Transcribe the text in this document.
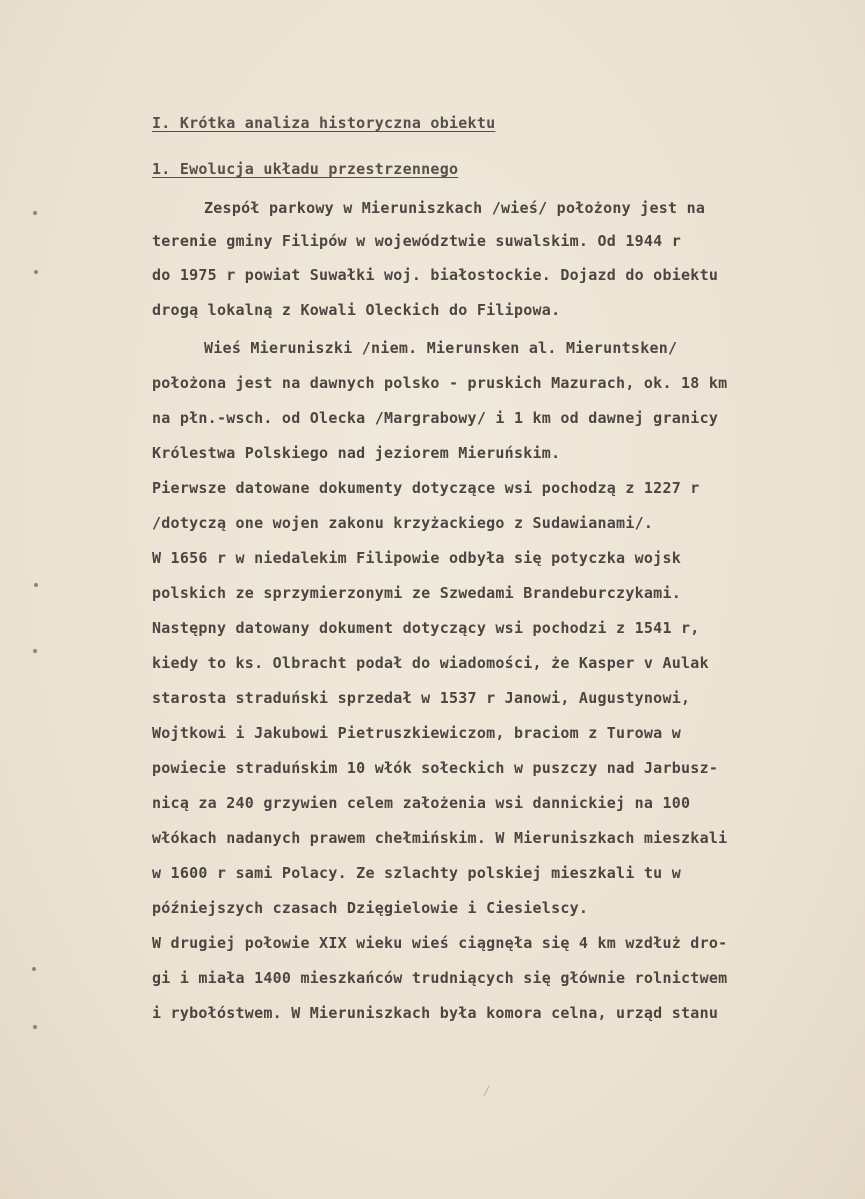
I. Krótka analiza historyczna obiektu
1. Ewolucja układu przestrzennego
Zespół parkowy w Mieruniszkach /wieś/ położony jest na
terenie gminy Filipów w województwie suwalskim. Od 1944 r
do 1975 r powiat Suwałki woj. białostockie. Dojazd do obiektu
drogą lokalną z Kowali Oleckich do Filipowa.
Wieś Mieruniszki /niem. Mierunsken al. Mieruntsken/
położona jest na dawnych polsko - pruskich Mazurach, ok. 18 km
na płn.-wsch. od Olecka /Margrabowy/ i 1 km od dawnej granicy
Królestwa Polskiego nad jeziorem Mieruńskim.
Pierwsze datowane dokumenty dotyczące wsi pochodzą z 1227 r
/dotyczą one wojen zakonu krzyżackiego z Sudawianami/.
W 1656 r w niedalekim Filipowie odbyła się potyczka wojsk
polskich ze sprzymierzonymi ze Szwedami Brandeburczykami.
Następny datowany dokument dotyczący wsi pochodzi z 1541 r,
kiedy to ks. Olbracht podał do wiadomości, że Kasper v Aulak
starosta straduński sprzedał w 1537 r Janowi, Augustynowi,
Wojtkowi i Jakubowi Pietruszkiewiczom, braciom z Turowa w
powiecie straduńskim 10 włók sołeckich w puszczy nad Jarbusz-
nicą za 240 grzywien celem założenia wsi dannickiej na 100
włókach nadanych prawem chełmińskim. W Mieruniszkach mieszkali
w 1600 r sami Polacy. Ze szlachty polskiej mieszkali tu w
późniejszych czasach Dzięgielowie i Ciesielscy.
W drugiej połowie XIX wieku wieś ciągnęła się 4 km wzdłuż dro-
gi i miała 1400 mieszkańców trudniących się głównie rolnictwem
i rybołóstwem. W Mieruniszkach była komora celna, urząd stanu
